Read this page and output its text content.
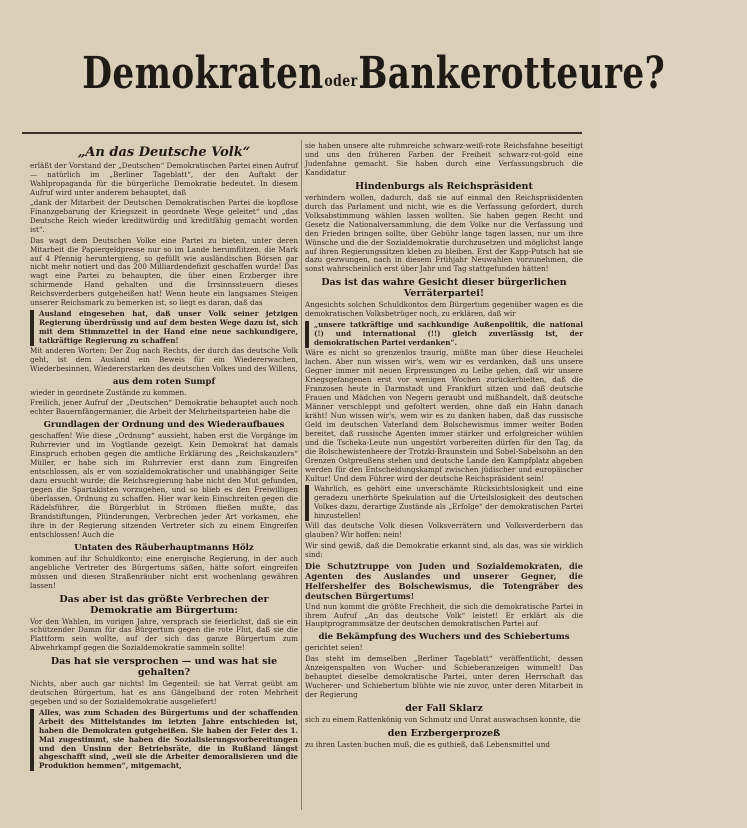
DemokratenoderBankerotteure?
„An das Deutsche Volk“

erläßt der Vorstand der „Deutschen“ Demokratischen Partei einen Aufruf — natürlich im „Berliner Tageblatt“, der den Auftakt der Wahlpropaganda für die bürgerliche Demokratie bedeutet. In diesem Aufruf wird unter anderem behauptet, daß

„dank der Mitarbeit der Deutschen Demokratischen Partei die kopflose Finanzgebarung der Kriegszeit in geordnete Wege geleitet“ und „das Deutsche Reich wieder kreditwürdig und kreditfähig gemacht worden ist“.

Das wagt dem Deutschen Volke eine Partei zu bieten, unter deren Mitarbeit die Papiergeldpresse nur so im Lande herumflitzen, die Mark auf 4 Pfennig heruntergieng, so gefüllt wie ausländischen Börsen gar nicht mehr notiert und das 200 Milliardendefizit geschaffen wurde! Das wagt eine Partei zu behaupten, die über einen Erzberger ihre schirmende Hand gehalten und die Irrsinnssteuern dieses Reichsverderbers gutgeheißen hat! Wenn heute ein langsames Steigen unserer Reichsmark zu bemerken ist, so liegt es daran, daß das

Ausland eingesehen hat, daß unser Volk seiner jetzigen Regierung überdrüssig und auf dem besten Wege dazu ist, sich mit dem Stimmzettel in der Hand eine neue sachkundigere, tatkräftige Regierung zu schaffen!

Mit anderen Worten: Der Zug nach Rechts, der durch das deutsche Volk geht, ist dem Ausland ein Beweis für ein Wiedererwachen, Wiederbesinnen, Wiedererstarken des deutschen Volkes und des Willens,

aus dem roten Sumpf

wieder in geordnete Zustände zu kommen.

Freilich, jener Aufruf der „Deutschen“ Demokratie behauptet auch noch echter Bauernfängermanier, die Arbeit der Mehrheitsparteien habe die

Grundlagen der Ordnung und des Wiederaufbaues

geschaffen! Wie diese „Ordnung“ aussieht, haben erst die Vorgänge im Ruhrrevier und im Vogtlande gezeigt. Kein Demokrat hat damals Einspruch erhoben gegen die amtliche Erklärung des „Reichskanzlers“ Müller, er habe sich im Ruhrrevier erst dann zum Eingreifen entschlossen, als er von sozialdemokratischer und unabhängiger Seite dazu ersucht wurde; die Reichsregierung habe nicht den Mut gefunden, gegen die Spartakisten vorzugehen, und so blieb es den Freiwilligen überlassen, Ordnung zu schaffen. Hier war kein Einschreiten gegen die Rädelsführer, die Bürgerblut in Strömen fließen mußte, das Brandstiftungen, Plünderungen, Verbrechen jeder Art vorkamen, ehe ihre in der Regierung sitzenden Vertreter sich zu einem Eingreifen entschlossen! Auch die

Untaten des Räuberhauptmanns Hölz

kommen auf ihr Schuldkonto: eine energische Regierung, in der auch angebliche Vertreter des Bürgertums säßen, hätte sofort eingreifen müssen und diesen Straßenräuber nicht erst wochenlang gewähren lassen!

Das aber ist das größte Verbrechen der Demokratie am Bürgertum:

Vor den Wahlen, im vorigen Jahre, versprach sie feierlichst, daß sie ein schützender Damm für das Bürgertum gegen die rote Flut, daß sie die Plattform sein wollte, auf der sich das ganze Bürgertum zum Abwehrkampf gegen die Sozialdemokratie sammeln sollte!

Das hat sie versprochen — und was hat sie gehalten?

Nichts, aber auch gar nichts! Im Gegenteil: sie hat Verrat geübt am deutschen Bürgertum, hat es ans Gängelband der roten Mehrheit gegeben und so der Sozialdemokratie ausgeliefert!

Alles, was zum Schaden des Bürgertums und der schaffenden Arbeit des Mittelstandes im letzten Jahre entschieden ist, haben die Demokraten gutgeheißen. Sie haben der Feier des 1. Mai zugestimmt, sie haben die Sozialisierungsvorbereitungen und den Unsinn der Betriebsräte, die in Rußland längst abgeschafft sind, „weil sie die Arbeiter demoralisieren und die Produktion hemmen“, mitgemacht,

sie haben unsere alte ruhmreiche schwarz-weiß-rote Reichsfahne beseitigt und uns den früheren Farben der Freiheit schwarz-rot-gold eine Judenfahne gemacht. Sie haben durch eine Verfassungsbruch die Kandidatur

Hindenburgs als Reichspräsident

verhindern wollen, dadurch, daß sie auf einmal den Reichspräsidenten durch das Parlament und nicht, wie es die Verfassung gefordert, durch Volksabstimmung wählen lassen wollten. Sie haben gegen Recht und Gesetz die Nationalversammlung, die dem Volke nur die Verfassung und den Frieden bringen sollte, über Gebühr lange tagen lassen, nur um ihre Wünsche und die der Sozialdemokratie durchzusetzen und möglichst lange auf ihren Regierungssitzen kleben zu bleiben. Erst der Kapp-Putsch hat sie dazu gezwungen, nach in diesem Frühjahr Neuwahlen vorzunehmen, die sonst wahrscheinlich erst über Jahr und Tag stattgefunden hätten!

Das ist das wahre Gesicht dieser bürgerlichen Verräterpartei!

Angesichts solchen Schuldkontos dem Bürgertum gegenüber wagen es die demokratischen Volksbetrüger noch, zu erklären, daß wir

„unsere tatkräftige und sachkundige Außenpolitik, die national (!) und international (!!) gleich zuverlässig ist, der demokratischen Partei verdanken“.

Wäre es nicht so grenzenlos traurig, müßte man über diese Heuchelei lachen. Aber nun wissen wir's, wem wir es verdanken, daß uns unsere Gegner immer mit neuen Erpressungen zu Leibe gehen, daß wir unsere Kriegsgefangenen erst vor wenigen Wochen zurückerhielten, daß die Franzosen heute in Darmstadt und Frankfurt sitzen und daß deutsche Frauen und Mädchen von Negern geraubt und mißhandelt, daß deutsche Männer verschleppt und gefoltert werden, ohne daß ein Hahn danach kräht! Nun wissen wir's, wem wir es zu danken haben, daß das russische Geld im deutschen Vaterland dem Bolschewismus immer weiter Boden bereitet, daß russische Agenten immer stärker und erfolgreicher wühlen und die Tscheka-Leute nun ungestört vorbereiten dürfen für den Tag, da die Bolschewistenheere der Trotzki-Braunstein und Sobel-Sobelsohn an den Grenzen Ostpreußens stehen und deutsche Lande den Kampfplatz abgeben werden für den Entscheidungskampf zwischen jüdischer und europäischer Kultur! Und dem Führer wird der deutsche Reichspräsident sein!

Wahrlich, es gehört eine unverschämte Rücksichtslosigkeit und eine geradezu unerhörte Spekulation auf die Urteilslosigkeit des deutschen Volkes dazu, derartige Zustände als „Erfolge“ der demokratischen Partei hinzustellen!

Will das deutsche Volk diesen Volksverrätern und Volksverderbern das glauben? Wir hoffen: nein!

Wir sind gewiß, daß die Demokratie erkannt sind, als das, was sie wirklich sind:

Die Schutztruppe von Juden und Sozialdemokraten, die Agenten des Auslandes und unserer Gegner, die Helfershelfer des Bolschewismus, die Totengräber des deutschen Bürgertums!

Und nun kommt die größte Frechheit, die sich die demokratische Partei in ihrem Aufruf „An das deutsche Volk“ leistet! Er erklärt als die Hauptprogrammsätze der deutschen demokratischen Partei auf

die Bekämpfung des Wuchers und des Schiebertums

gerichtet seien!

Das steht im demselben „Berliner Tageblatt“ veröffentlicht, dessen Anzeigenspalten von Wucher- und Schieberanzeigen wimmelt! Das behauptet dieselbe demokratische Partei, unter deren Herrschaft das Wucherer- und Schiebertum blühte wie nie zuvor, unter deren Mitarbeit in der Regierung

der Fall Sklarz

sich zu einem Rattenkönig von Schmutz und Unrat auswachsen konnte, die

den Erzbergerprozeß

zu ihren Lasten buchen muß, die es guthieß, daß Lebensmittel und
